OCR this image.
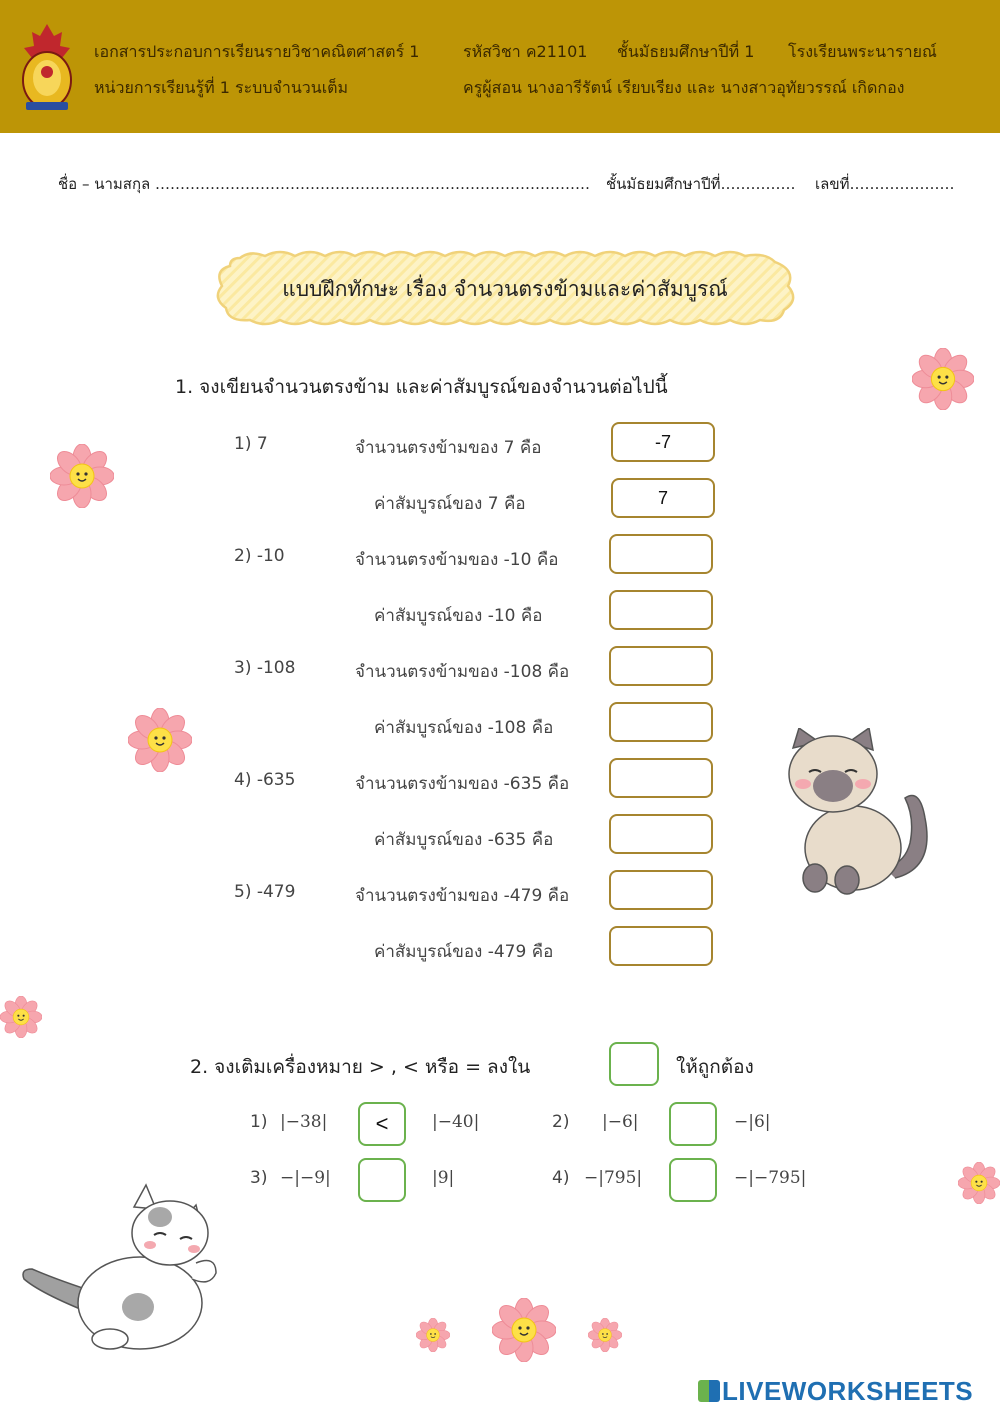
เอกสารประกอบการเรียนรายวิชาคณิตศาสตร์ 1	รหัสวิชา ค21101 ชั้นมัธยมศึกษาปีที่ 1 โรงเรียนพระนารายณ์
หน่วยการเรียนรู้ที่ 1 ระบบจำนวนเต็ม	ครูผู้สอน นางอารีรัตน์ เรียบเรียง และ นางสาวอุทัยวรรณ์ เกิดกอง
ชื่อ – นามสกุล …………………………………………………………………………… ชั้นมัธยมศึกษาปีที่…………… เลขที่…………………
แบบฝึกทักษะ เรื่อง จำนวนตรงข้ามและค่าสัมบูรณ์
1. จงเขียนจำนวนตรงข้าม และค่าสัมบูรณ์ของจำนวนต่อไปนี้
1) 7	จำนวนตรงข้ามของ 7 คือ	-7
ค่าสัมบูรณ์ของ 7 คือ	7
2) -10	จำนวนตรงข้ามของ -10 คือ
ค่าสัมบูรณ์ของ -10 คือ
3) -108	จำนวนตรงข้ามของ -108 คือ
ค่าสัมบูรณ์ของ -108 คือ
4) -635	จำนวนตรงข้ามของ -635 คือ
ค่าสัมบูรณ์ของ -635 คือ
5) -479	จำนวนตรงข้ามของ -479 คือ
ค่าสัมบูรณ์ของ -479 คือ
2. จงเติมเครื่องหมาย > , < หรือ = ลงใน	ให้ถูกต้อง
1) |−38|	<	|−40|	2) |−6|	−|6|
3) −|−9|	|9|	4) −|795|	−|−795|
LIVEWORKSHEETS
